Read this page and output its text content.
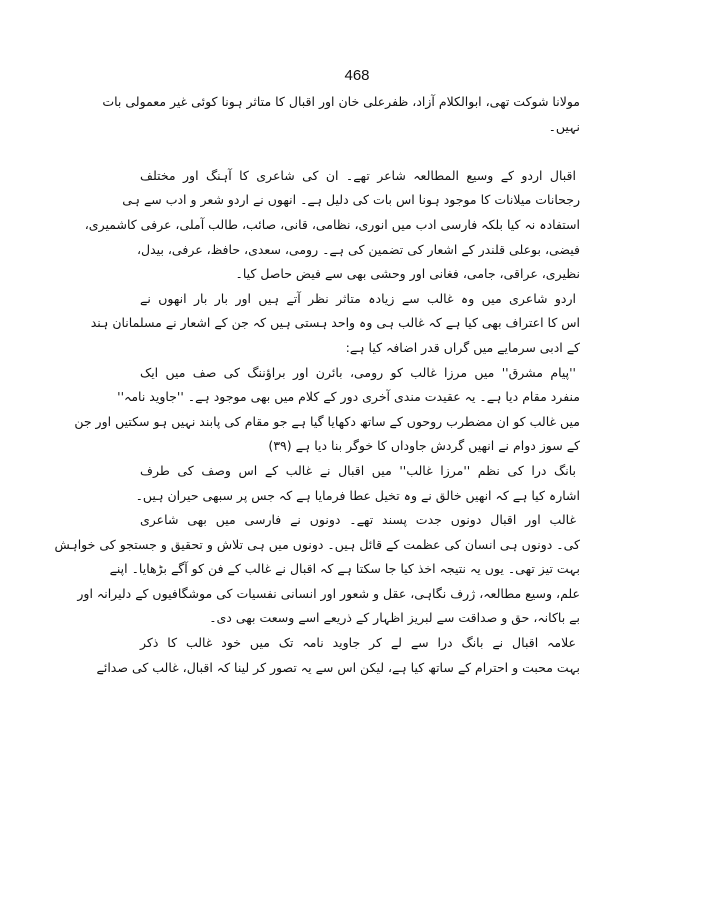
468
مولانا شوکت تھی، ابوالکلام آزاد، ظفرعلی خان اور اقبال کا متاثر ہونا کوئی غیر معمولی بات
نہیں۔
اقبال اردو کے وسیع المطالعہ شاعر تھے۔ ان کی شاعری کا آہنگ اور مختلف
رجحانات میلانات کا موجود ہونا اس بات کی دلیل ہے۔ انھوں نے اردو شعر و ادب سے ہی
استفادہ نہ کیا بلکہ فارسی ادب میں انوری، نظامی، قانی، صائب، طالب آملی، عرفی کاشمیری،
فیضی، بوعلی قلندر کے اشعار کی تضمین کی ہے۔ رومی، سعدی، حافظ، عرفی، بیدل،
نظیری، عراقی، جامی، فغانی اور وحشی بھی سے فیض حاصل کیا۔
اردو شاعری میں وہ غالب سے زیادہ متاثر نظر آتے ہیں اور بار بار انھوں نے
اس کا اعتراف بھی کیا ہے کہ غالب ہی وہ واحد ہستی ہیں کہ جن کے اشعار نے مسلمانان ہند
کے ادبی سرمایے میں گراں قدر اضافہ کیا ہے:
''پیام مشرق'' میں مرزا غالب کو رومی، بائرن اور براؤننگ کی صف میں ایک
منفرد مقام دیا ہے۔ یہ عقیدت مندی آخری دور کے کلام میں بھی موجود ہے۔ ''جاوید نامہ''
میں غالب کو ان مضطرب روحوں کے ساتھ دکھایا گیا ہے جو مقام کی پابند نہیں ہو سکتیں اور جن
کے سوز دوام نے انھیں گردش جاوداں کا خوگر بنا دیا ہے (۳۹)
بانگ درا کی نظم ''مرزا غالب'' میں اقبال نے غالب کے اس وصف کی طرف
اشارہ کیا ہے کہ انھیں خالق نے وہ تخیل عطا فرمایا ہے کہ جس پر سبھی حیران ہیں۔
غالب اور اقبال دونوں جدت پسند تھے۔ دونوں نے فارسی میں بھی شاعری
کی۔ دونوں ہی انسان کی عظمت کے قائل ہیں۔ دونوں میں ہی تلاش و تحقیق و جستجو کی خواہش
بہت تیز تھی۔ یوں یہ نتیجہ اخذ کیا جا سکتا ہے کہ اقبال نے غالب کے فن کو آگے بڑھایا۔ اپنے
علم، وسیع مطالعہ، ژرف نگاہی، عقل و شعور اور انسانی نفسیات کی موشگافیوں کے دلیرانہ اور
بے باکانہ، حق و صداقت سے لبریز اظہار کے ذریعے اسے وسعت بھی دی۔
علامہ اقبال نے بانگ درا سے لے کر جاوید نامہ تک میں خود غالب کا ذکر
بہت محبت و احترام کے ساتھ کیا ہے، لیکن اس سے یہ تصور کر لینا کہ اقبال، غالب کی صدائے
